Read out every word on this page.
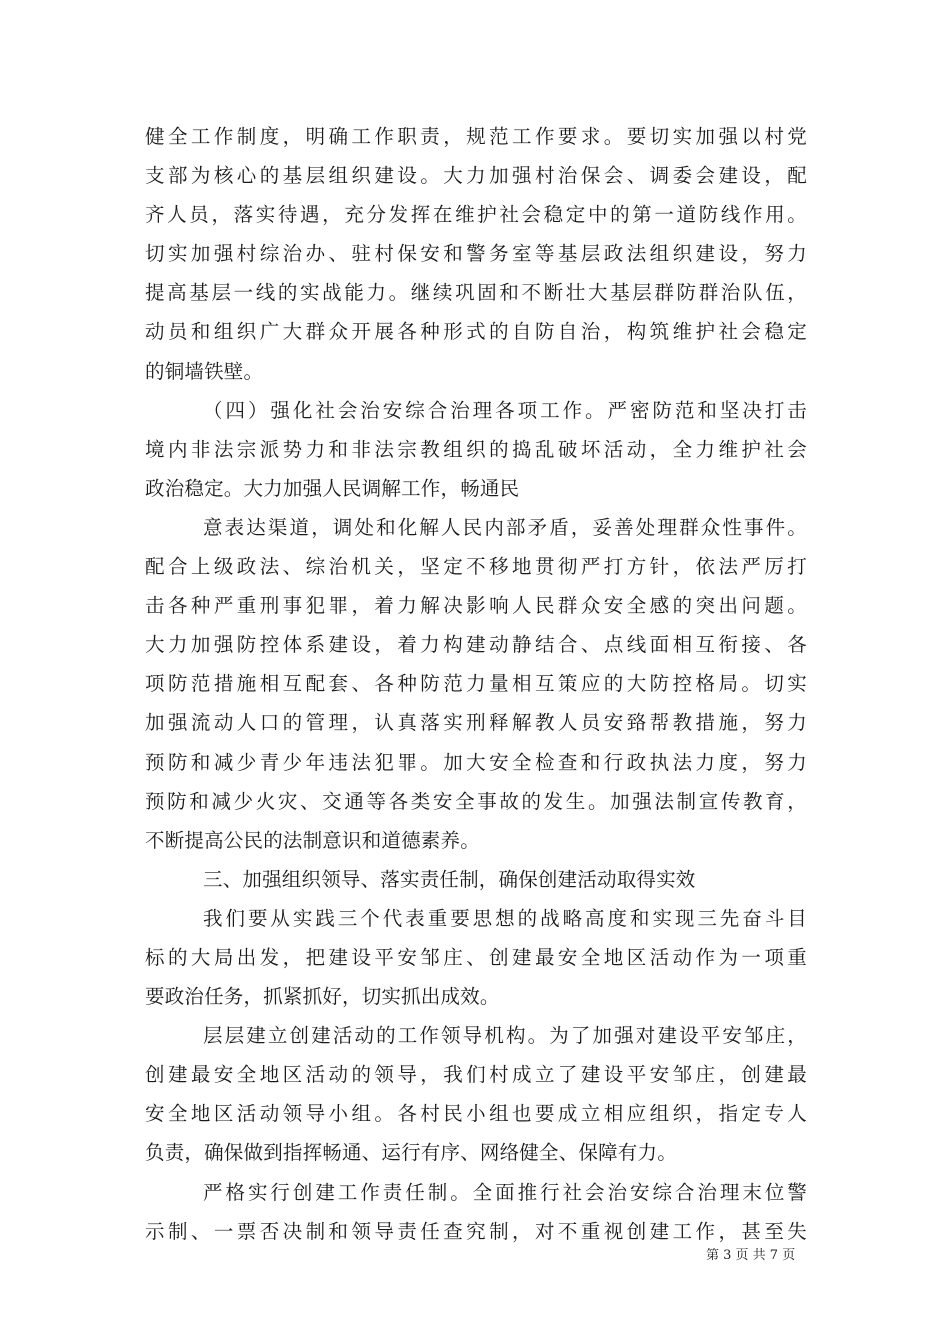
健全工作制度，明确工作职责，规范工作要求。要切实加强以村党
支部为核心的基层组织建设。大力加强村治保会、调委会建设，配
齐人员，落实待遇，充分发挥在维护社会稳定中的第一道防线作用。
切实加强村综治办、驻村保安和警务室等基层政法组织建设，努力
提高基层一线的实战能力。继续巩固和不断壮大基层群防群治队伍，
动员和组织广大群众开展各种形式的自防自治，构筑维护社会稳定
的铜墙铁壁。
（四）强化社会治安综合治理各项工作。严密防范和坚决打击
境内非法宗派势力和非法宗教组织的捣乱破坏活动，全力维护社会
政治稳定。大力加强人民调解工作，畅通民
意表达渠道，调处和化解人民内部矛盾，妥善处理群众性事件。
配合上级政法、综治机关，坚定不移地贯彻严打方针，依法严厉打
击各种严重刑事犯罪，着力解决影响人民群众安全感的突出问题。
大力加强防控体系建设，着力构建动静结合、点线面相互衔接、各
项防范措施相互配套、各种防范力量相互策应的大防控格局。切实
加强流动人口的管理，认真落实刑释解教人员安臵帮教措施，努力
预防和减少青少年违法犯罪。加大安全检查和行政执法力度，努力
预防和减少火灾、交通等各类安全事故的发生。加强法制宣传教育，
不断提高公民的法制意识和道德素养。
三、加强组织领导、落实责任制，确保创建活动取得实效
我们要从实践三个代表重要思想的战略高度和实现三先奋斗目
标的大局出发，把建设平安邹庄、创建最安全地区活动作为一项重
要政治任务，抓紧抓好，切实抓出成效。
层层建立创建活动的工作领导机构。为了加强对建设平安邹庄，
创建最安全地区活动的领导，我们村成立了建设平安邹庄，创建最
安全地区活动领导小组。各村民小组也要成立相应组织，指定专人
负责，确保做到指挥畅通、运行有序、网络健全、保障有力。
严格实行创建工作责任制。全面推行社会治安综合治理末位警
示制、一票否决制和领导责任查究制，对不重视创建工作，甚至失
第 3 页 共 7 页
